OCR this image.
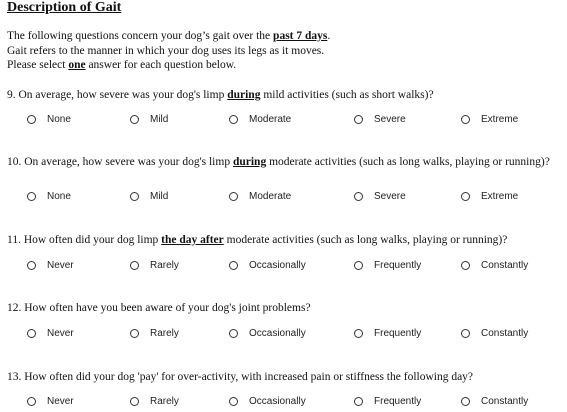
Description of Gait
The following questions concern your dog’s gait over the past 7 days.
Gait refers to the manner in which your dog uses its legs as it moves.
Please select one answer for each question below.
9. On average, how severe was your dog's limp during mild activities (such as short walks)?
None	Mild	Moderate	Severe	Extreme
10. On average, how severe was your dog's limp during moderate activities (such as long walks, playing or running)?
None	Mild	Moderate	Severe	Extreme
11. How often did your dog limp the day after moderate activities (such as long walks, playing or running)?
Never	Rarely	Occasionally	Frequently	Constantly
12. How often have you been aware of your dog's joint problems?
Never	Rarely	Occasionally	Frequently	Constantly
13. How often did your dog 'pay' for over-activity, with increased pain or stiffness the following day?
Never	Rarely	Occasionally	Frequently	Constantly
